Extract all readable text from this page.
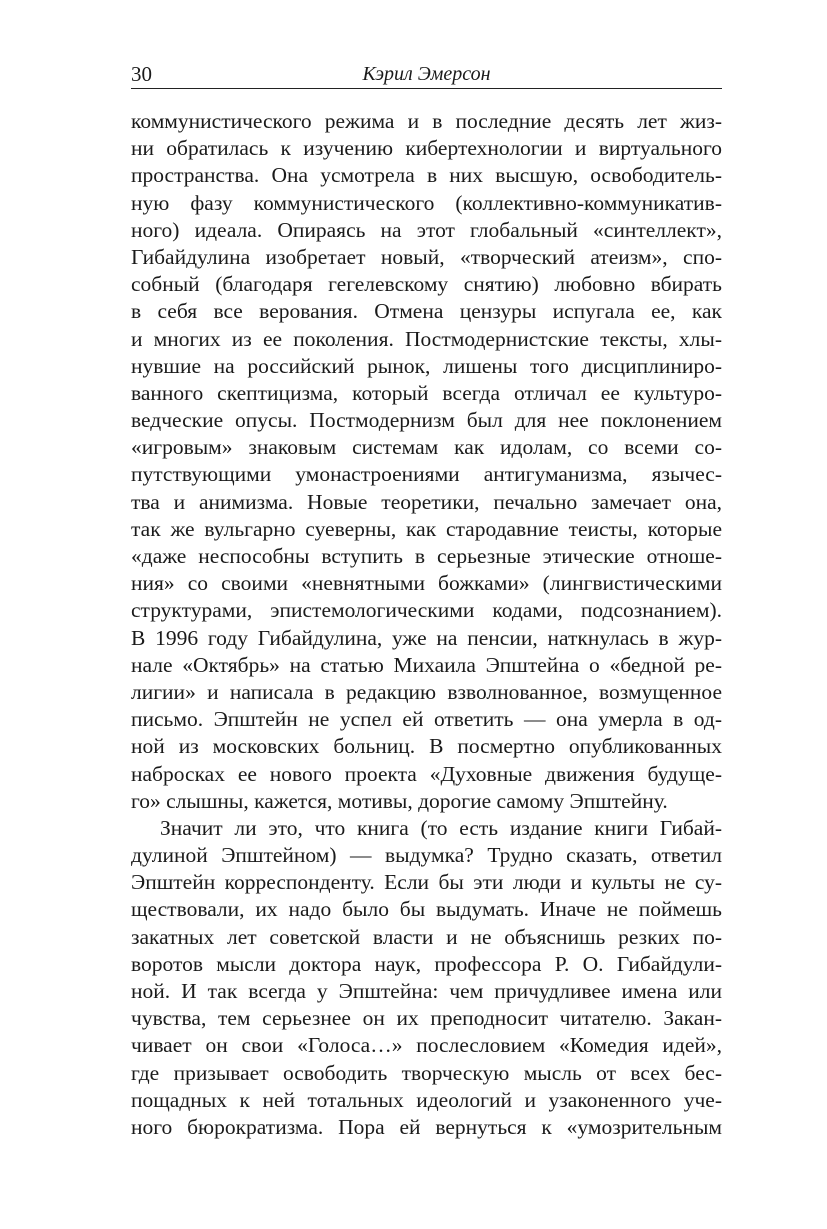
30	Кэрил Эмерсон
коммунистического режима и в последние десять лет жиз-
ни обратилась к изучению кибертехнологии и виртуального
пространства. Она усмотрела в них высшую, освободитель-
ную фазу коммунистического (коллективно-коммуникатив-
ного) идеала. Опираясь на этот глобальный «синтеллект»,
Гибайдулина изобретает новый, «творческий атеизм», спо-
собный (благодаря гегелевскому снятию) любовно вбирать
в себя все верования. Отмена цензуры испугала ее, как
и многих из ее поколения. Постмодернистские тексты, хлы-
нувшие на российский рынок, лишены того дисциплиниро-
ванного скептицизма, который всегда отличал ее культуро-
ведческие опусы. Постмодернизм был для нее поклонением
«игровым» знаковым системам как идолам, со всеми со-
путствующими умонастроениями антигуманизма, язычес-
тва и анимизма. Новые теоретики, печально замечает она,
так же вульгарно суеверны, как стародавние теисты, которые
«даже неспособны вступить в серьезные этические отноше-
ния» со своими «невнятными божками» (лингвистическими
структурами, эпистемологическими кодами, подсознанием).
В 1996 году Гибайдулина, уже на пенсии, наткнулась в жур-
нале «Октябрь» на статью Михаила Эпштейна о «бедной ре-
лигии» и написала в редакцию взволнованное, возмущенное
письмо. Эпштейн не успел ей ответить — она умерла в од-
ной из московских больниц. В посмертно опубликованных
набросках ее нового проекта «Духовные движения будуще-
го» слышны, кажется, мотивы, дорогие самому Эпштейну.
Значит ли это, что книга (то есть издание книги Гибай-
дулиной Эпштейном) — выдумка? Трудно сказать, ответил
Эпштейн корреспонденту. Если бы эти люди и культы не су-
ществовали, их надо было бы выдумать. Иначе не поймешь
закатных лет советской власти и не объяснишь резких по-
воротов мысли доктора наук, профессора Р. О. Гибайдули-
ной. И так всегда у Эпштейна: чем причудливее имена или
чувства, тем серьезнее он их преподносит читателю. Закан-
чивает он свои «Голоса…» послесловием «Комедия идей»,
где призывает освободить творческую мысль от всех бес-
пощадных к ней тотальных идеологий и узаконенного уче-
ного бюрократизма. Пора ей вернуться к «умозрительным
